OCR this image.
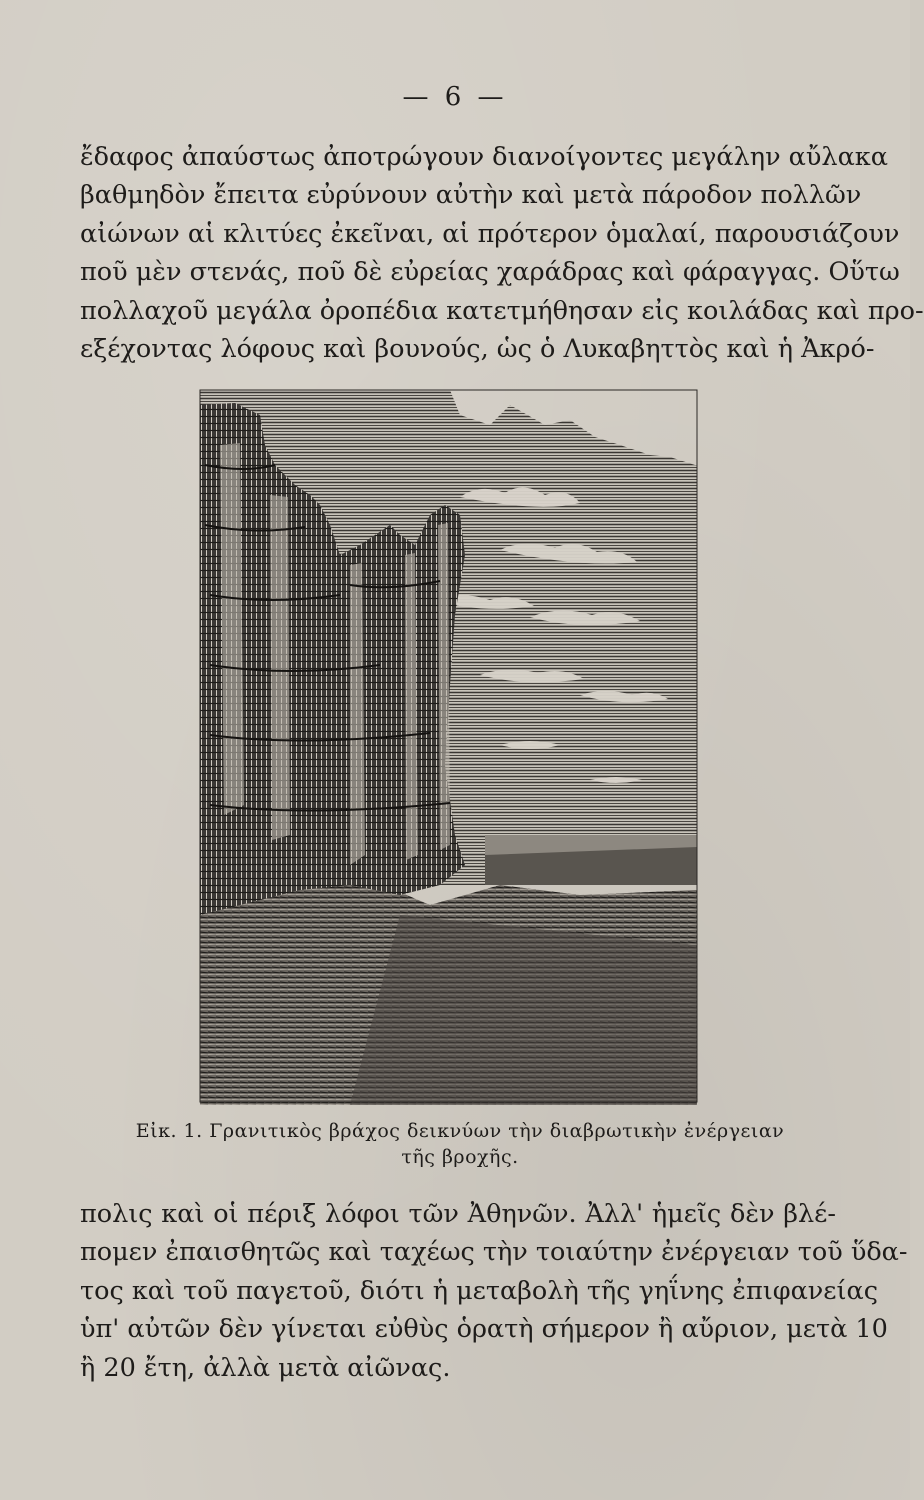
— 6 —
ἔδαφος ἀπαύστως ἀποτρώγουν διανοίγοντες μεγάλην αὔλακα
βαθμηδὸν ἔπειτα εὐρύνουν αὐτὴν καὶ μετὰ πάροδον πολλῶν
αἰώνων αἱ κλιτύες ἐκεῖναι, αἱ πρότερον ὁμαλαί, παρουσιάζουν
ποῦ μὲν στενάς, ποῦ δὲ εὐρείας χαράδρας καὶ φάραγγας. Οὕτω
πολλαχοῦ μεγάλα ὀροπέδια κατετμήθησαν εἰς κοιλάδας καὶ προ-
εξέχοντας λόφους καὶ βουνούς, ὡς ὁ Λυκαβηττὸς καὶ ἡ Ἀκρό-
Εἰκ. 1. Γρανιτικὸς βράχος δεικνύων τὴν διαβρωτικὴν ἐνέργειαν
τῆς βροχῆς.
πολις καὶ οἱ πέριξ λόφοι τῶν Ἀθηνῶν. Ἀλλ' ἡμεῖς δὲν βλέ-
πομεν ἐπαισθητῶς καὶ ταχέως τὴν τοιαύτην ἐνέργειαν τοῦ ὕδα-
τος καὶ τοῦ παγετοῦ, διότι ἡ μεταβολὴ τῆς γηΐνης ἐπιφανείας
ὑπ' αὐτῶν δὲν γίνεται εὐθὺς ὁρατὴ σήμερον ἢ αὔριον, μετὰ 10
ἢ 20 ἔτη, ἀλλὰ μετὰ αἰῶνας.
